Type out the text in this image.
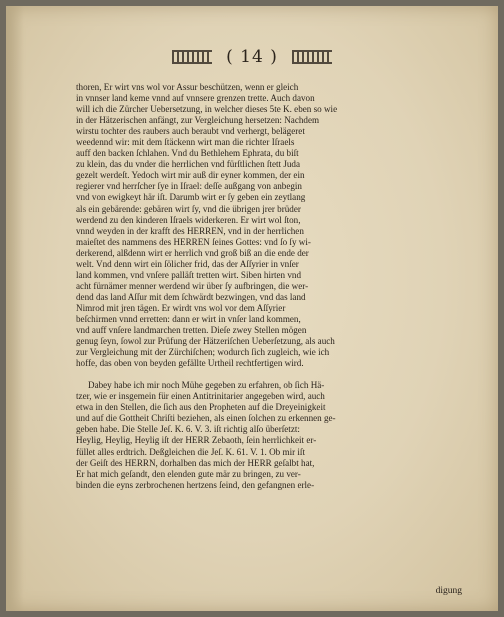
( 14 )
thoren, Er wirt vns wol vor Assur beschützen, wenn er gleich
in vnnser land keme vnnd auf vnnsere grenzen trette. Auch davon
will ich die Zürcher Uebersetzung, in welcher dieses 5te K. eben so wie
in der Hätzerischen anfängt, zur Vergleichung hersetzen: Nachdem
wirstu tochter des raubers auch beraubt vnd verhergt, belägeret
weedennd wir: mit dem ſtäckenn wirt man die richter Iſraels
auff den backen ſchlahen. Vnd du Bethlehem Ephrata, du biſt
zu klein, das du vnder die herrlichen vnd fürſtlichen ſtett Juda
gezelt werdeſt. Yedoch wirt mir auß dir eyner kommen, der ein
regierer vnd herrſcher ſye in Iſrael: deſſe außgang von anbegin
vnd von ewigkeyt här iſt. Darumb wirt er ſy geben ein zeytlang
als ein gebärende: gebären wirt ſy, vnd die übrigen jrer brüder
werdend zu den kinderen Iſraels widerkeren. Er wirt wol ſton,
vnnd weyden in der krafft des HERREN, vnd in der herrlichen
maieſtet des nammens des HERREN ſeines Gottes: vnd ſo ſy wi-
derkerend, alßdenn wirt er herrlich vnd groß biß an die ende der
welt. Vnd denn wirt ein ſölicher frid, das der Aſſyrier in vnſer
land kommen, vnd vnſere palläſt tretten wirt. Siben hirten vnd
acht fürnämer menner werdend wir über ſy aufbringen, die wer-
dend das land Aſſur mit dem ſchwärdt bezwingen, vnd das land
Nimrod mit jren tägen. Er wirdt vns wol vor dem Aſſyrier
beſchirmen vnnd erretten: dann er wirt in vnſer land kommen,
vnd auff vnſere landmarchen tretten. Dieſe zwey Stellen mögen
genug ſeyn, ſowol zur Prüfung der Hätzeriſchen Ueberſetzung, als auch
zur Vergleichung mit der Zürchiſchen; wodurch ſich zugleich, wie ich
hoffe, das oben von beyden gefällte Urtheil rechtfertigen wird.
Dabey habe ich mir noch Mühe gegeben zu erfahren, ob ſich Hä-
tzer, wie er insgemein für einen Antitrinitarier angegeben wird, auch
etwa in den Stellen, die ſich aus den Propheten auf die Dreyeinigkeit
und auf die Gottheit Chriſti beziehen, als einen ſolchen zu erkennen ge-
geben habe. Die Stelle Jeſ. K. 6. V. 3. iſt richtig alſo überſetzt:
Heylig, Heylig, Heylig iſt der HERR Zebaoth, ſein herrlichkeit er-
füllet alles erdtrich. Deßgleichen die Jeſ. K. 61. V. 1. Ob mir iſt
der Geiſt des HERRN, dorhalben das mich der HERR geſalbt hat,
Er hat mich geſandt, den elenden gute mär zu bringen, zu ver-
binden die eyns zerbrochenen hertzens ſeind, den gefangnen erle-
digung
